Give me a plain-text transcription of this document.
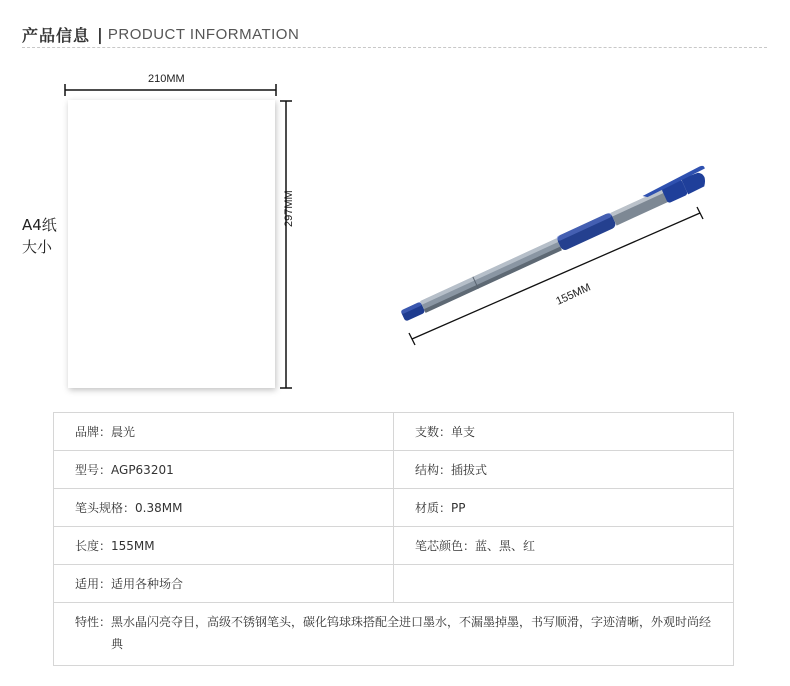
产品信息 | PRODUCT INFORMATION
210MM
297MM
A4纸
大小
155MM
品牌：晨光	支数：单支
型号：AGP63201	结构：插拔式
笔头规格：0.38MM	材质：PP
长度：155MM	笔芯颜色：蓝、黑、红
适用：适用各种场合	

特性： 黑水晶闪亮夺目，高级不锈钢笔头，碳化钨球珠搭配全进口墨水，不漏墨掉墨，书写顺滑，字迹清晰，外观时尚经典	
